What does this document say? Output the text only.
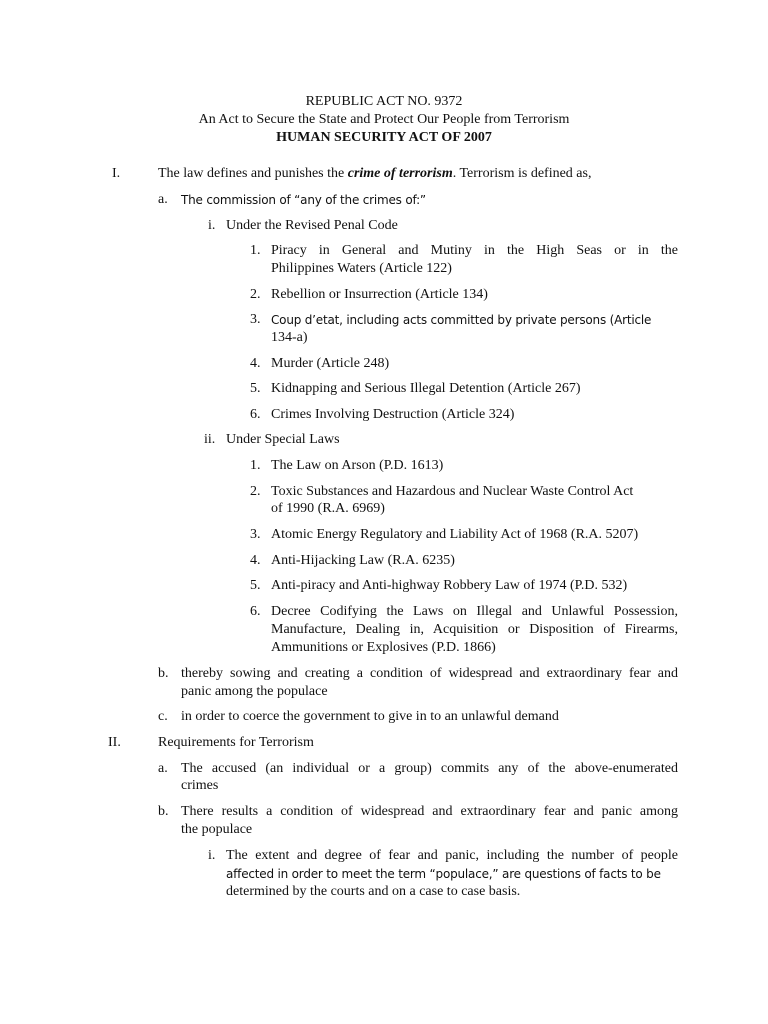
REPUBLIC ACT NO. 9372
An Act to Secure the State and Protect Our People from Terrorism
HUMAN SECURITY ACT OF 2007
I.	The law defines and punishes the crime of terrorism. Terrorism is defined as,
a. The commission of “any of the crimes of:”
i. Under the Revised Penal Code
1. Piracy in General and Mutiny in the High Seas or in the
Philippines Waters (Article 122)
2. Rebellion or Insurrection (Article 134)
3. Coup d’etat, including acts committed by private persons (Article
134-a)
4. Murder (Article 248)
5. Kidnapping and Serious Illegal Detention (Article 267)
6. Crimes Involving Destruction (Article 324)
ii. Under Special Laws
1. The Law on Arson (P.D. 1613)
2. Toxic Substances and Hazardous and Nuclear Waste Control Act
of 1990 (R.A. 6969)
3. Atomic Energy Regulatory and Liability Act of 1968 (R.A. 5207)
4. Anti-Hijacking Law (R.A. 6235)
5. Anti-piracy and Anti-highway Robbery Law of 1974 (P.D. 532)
6. Decree Codifying the Laws on Illegal and Unlawful Possession,
Manufacture, Dealing in, Acquisition or Disposition of Firearms,
Ammunitions or Explosives (P.D. 1866)
b. thereby sowing and creating a condition of widespread and extraordinary fear and
panic among the populace
c. in order to coerce the government to give in to an unlawful demand
II.	Requirements for Terrorism
a. The accused (an individual or a group) commits any of the above-enumerated
crimes
b. There results a condition of widespread and extraordinary fear and panic among
the populace
i. The extent and degree of fear and panic, including the number of people
affected in order to meet the term “populace,” are questions of facts to be
determined by the courts and on a case to case basis.
